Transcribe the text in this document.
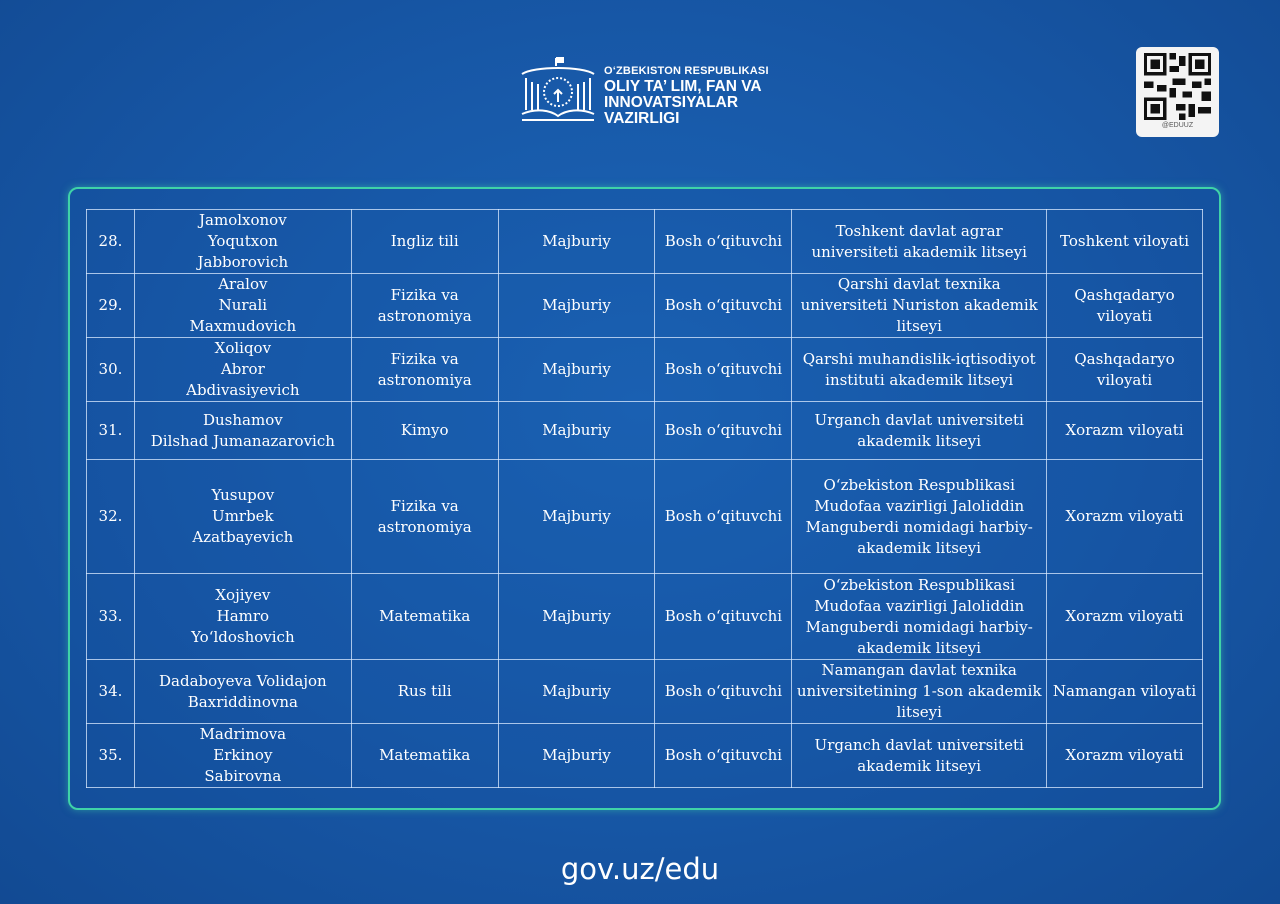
O‘ZBEKISTON RESPUBLIKASI
OLIY TA’ LIM, FAN VA
INNOVATSIYALAR
VAZIRLIGI	@EDUUZ
28.	Jamolxonov
Yoqutxon
Jabborovich	Ingliz tili	Majburiy	Bosh o‘qituvchi	Toshkent davlat agrar universiteti akademik litseyi	Toshkent viloyati
29.	Aralov
Nurali
Maxmudovich	Fizika va astronomiya	Majburiy	Bosh o‘qituvchi	Qarshi davlat texnika universiteti Nuriston akademik litseyi	Qashqadaryo viloyati
30.	Xoliqov
Abror
Abdivasiyevich	Fizika va astronomiya	Majburiy	Bosh o‘qituvchi	Qarshi muhandislik-iqtisodiyot instituti akademik litseyi	Qashqadaryo viloyati
31.	Dushamov
Dilshad Jumanazarovich	Kimyo	Majburiy	Bosh o‘qituvchi	Urganch davlat universiteti akademik litseyi	Xorazm viloyati
32.	Yusupov
Umrbek
Azatbayevich	Fizika va astronomiya	Majburiy	Bosh o‘qituvchi	O‘zbekiston Respublikasi Mudofaa vazirligi Jaloliddin Manguberdi nomidagi harbiy-akademik litseyi	Xorazm viloyati
33.	Xojiyev
Hamro
Yo‘ldoshovich	Matematika	Majburiy	Bosh o‘qituvchi	O‘zbekiston Respublikasi Mudofaa vazirligi Jaloliddin Manguberdi nomidagi harbiy-akademik litseyi	Xorazm viloyati
34.	Dadaboyeva Volidajon
Baxriddinovna	Rus tili	Majburiy	Bosh o‘qituvchi	Namangan davlat texnika universitetining 1-son akademik litseyi	Namangan viloyati
35.	Madrimova
Erkinoy
Sabirovna	Matematika	Majburiy	Bosh o‘qituvchi	Urganch davlat universiteti akademik litseyi	Xorazm viloyati
gov.uz/edu
